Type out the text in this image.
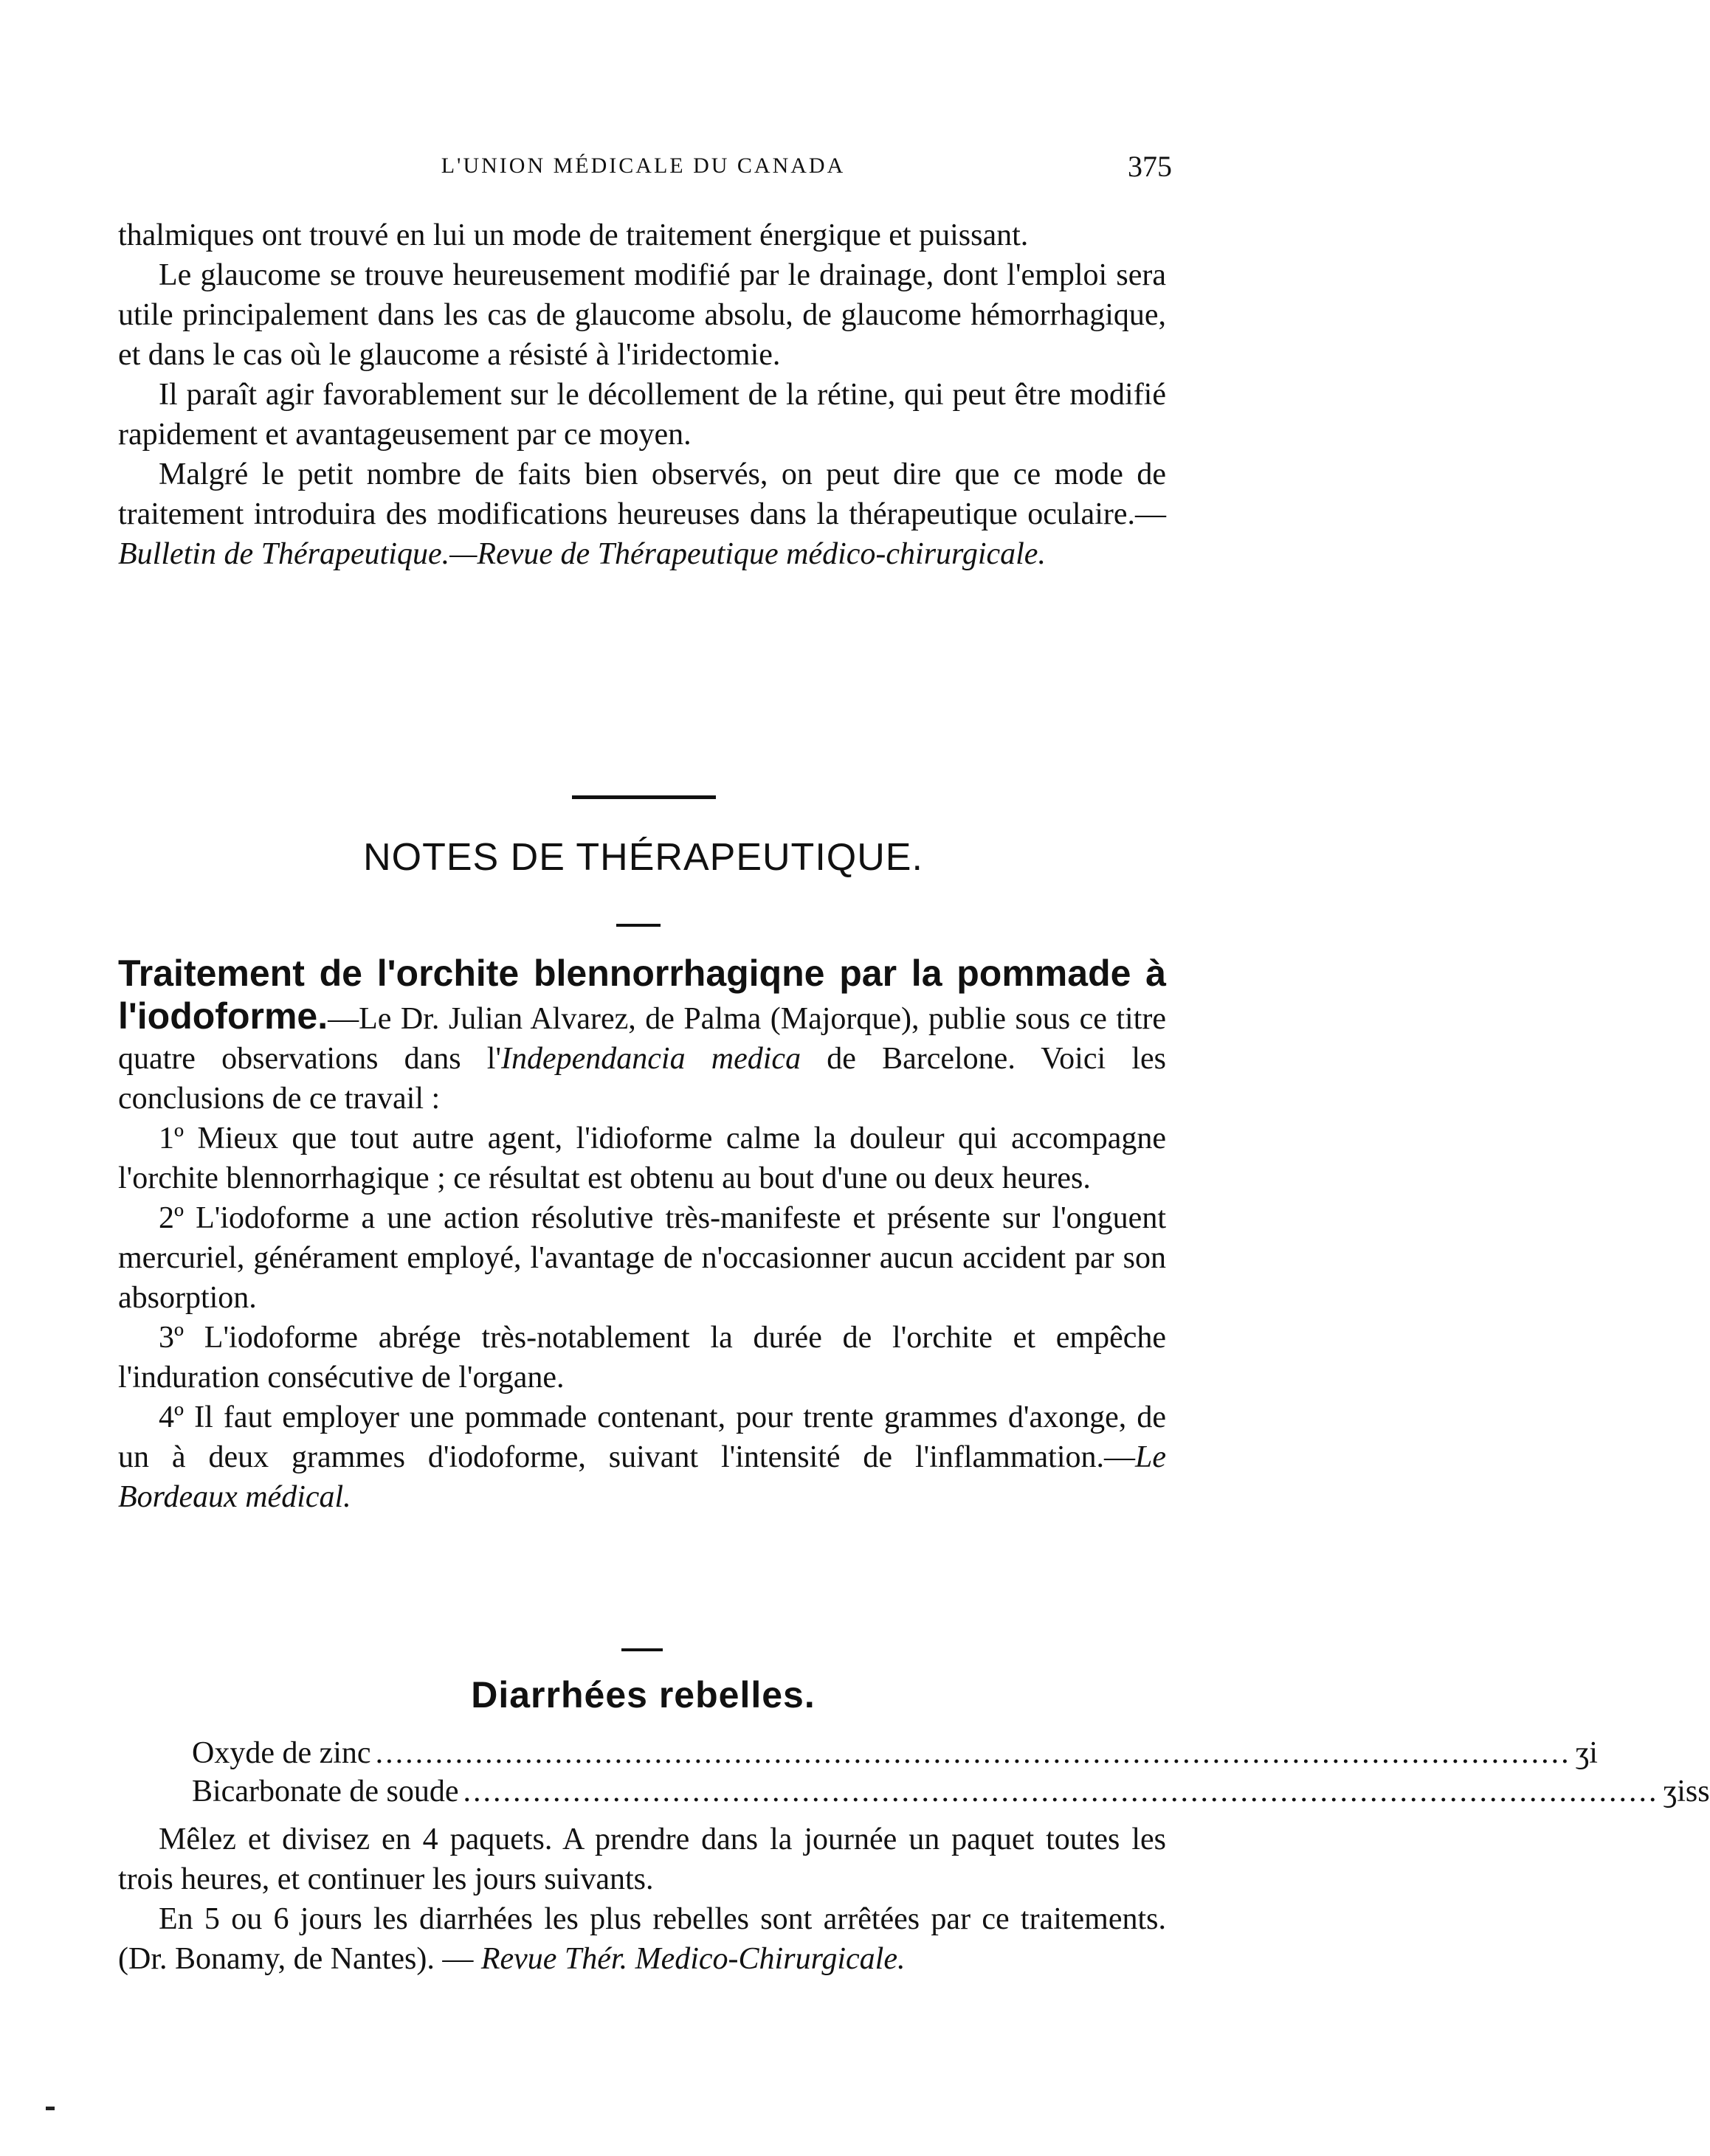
L'UNION MÉDICALE DU CANADA	375

thalmiques ont trouvé en lui un mode de traitement énergique et puissant.

Le glaucome se trouve heureusement modifié par le drainage, dont l'emploi sera utile principalement dans les cas de glaucome absolu, de glaucome hémorrhagique, et dans le cas où le glaucome a résisté à l'iridectomie.

Il paraît agir favorablement sur le décollement de la rétine, qui peut être modifié rapidement et avantageusement par ce moyen.

Malgré le petit nombre de faits bien observés, on peut dire que ce mode de traitement introduira des modifications heureuses dans la thérapeutique oculaire.—Bulletin de Thérapeutique.—Revue de Thérapeutique médico-chirurgicale.

NOTES DE THÉRAPEUTIQUE.

Traitement de l'orchite blennorrhagiqne par la pommade à l'iodoforme.—Le Dr. Julian Alvarez, de Palma (Majorque), publie sous ce titre quatre observations dans l'Independancia medica de Barcelone. Voici les conclusions de ce travail :

1º Mieux que tout autre agent, l'idioforme calme la douleur qui accompagne l'orchite blennorrhagique ; ce résultat est obtenu au bout d'une ou deux heures.

2º L'iodoforme a une action résolutive très-manifeste et présente sur l'onguent mercuriel, générament employé, l'avantage de n'occasionner aucun accident par son absorption.

3º L'iodoforme abrége très-notablement la durée de l'orchite et empêche l'induration consécutive de l'organe.

4º Il faut employer une pommade contenant, pour trente grammes d'axonge, de un à deux grammes d'iodoforme, suivant l'intensité de l'inflammation.—Le Bordeaux médical.

Diarrhées rebelles.
Oxyde de zinc ........................................................................................................................ ʒi
Bicarbonate de soude ........................................................................................................................ ʒiss

Mêlez et divisez en 4 paquets. A prendre dans la journée un paquet toutes les trois heures, et continuer les jours suivants.

En 5 ou 6 jours les diarrhées les plus rebelles sont arrêtées par ce traitements. (Dr. Bonamy, de Nantes). — Revue Thér. Medico-Chirurgicale.
